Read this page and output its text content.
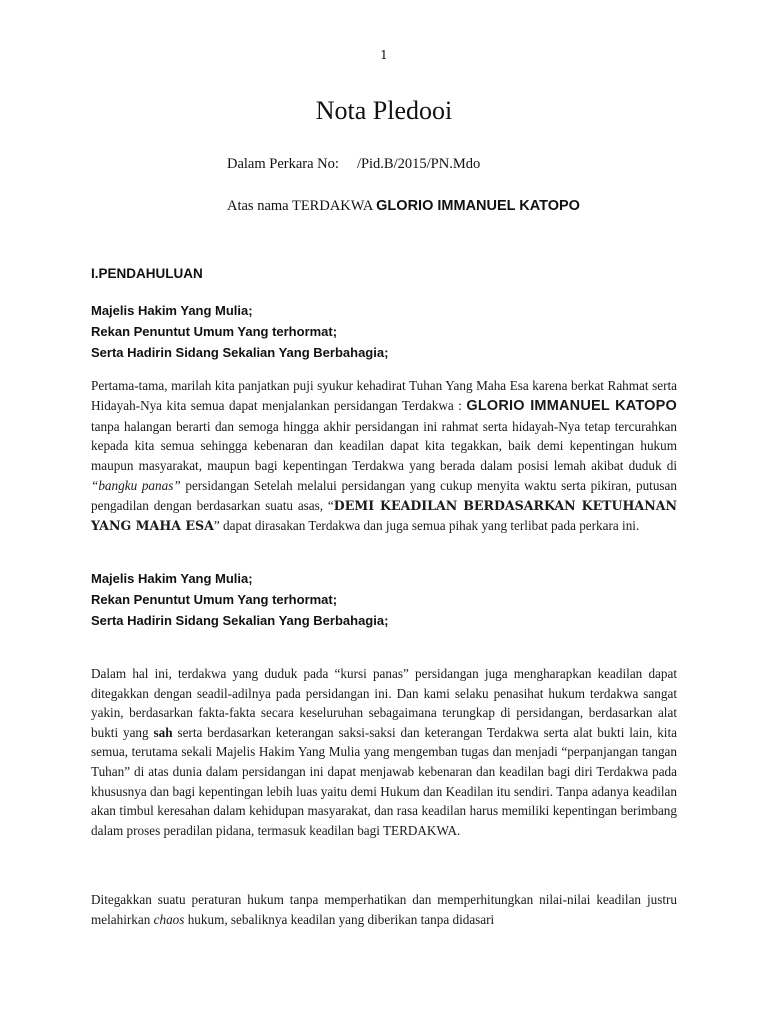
1
Nota Pledooi
Dalam Perkara No: /Pid.B/2015/PN.Mdo
Atas nama TERDAKWA GLORIO IMMANUEL KATOPO
I.PENDAHULUAN
Majelis Hakim Yang Mulia;
Rekan Penuntut Umum Yang terhormat;
Serta Hadirin Sidang Sekalian Yang Berbahagia;
Pertama-tama, marilah kita panjatkan puji syukur kehadirat Tuhan Yang Maha Esa karena berkat Rahmat serta Hidayah-Nya kita semua dapat menjalankan persidangan Terdakwa : GLORIO IMMANUEL KATOPO tanpa halangan berarti dan semoga hingga akhir persidangan ini rahmat serta hidayah-Nya tetap tercurahkan kepada kita semua sehingga kebenaran dan keadilan dapat kita tegakkan, baik demi kepentingan hukum maupun masyarakat, maupun bagi kepentingan Terdakwa yang berada dalam posisi lemah akibat duduk di “bangku panas” persidangan Setelah melalui persidangan yang cukup menyita waktu serta pikiran, putusan pengadilan dengan berdasarkan suatu asas, “DEMI KEADILAN BERDASARKAN KETUHANAN YANG MAHA ESA” dapat dirasakan Terdakwa dan juga semua pihak yang terlibat pada perkara ini.
Majelis Hakim Yang Mulia;
Rekan Penuntut Umum Yang terhormat;
Serta Hadirin Sidang Sekalian Yang Berbahagia;
Dalam hal ini, terdakwa yang duduk pada “kursi panas” persidangan juga mengharapkan keadilan dapat ditegakkan dengan seadil-adilnya pada persidangan ini. Dan kami selaku penasihat hukum terdakwa sangat yakin, berdasarkan fakta-fakta secara keseluruhan sebagaimana terungkap di persidangan, berdasarkan alat bukti yang sah serta berdasarkan keterangan saksi-saksi dan keterangan Terdakwa serta alat bukti lain, kita semua, terutama sekali Majelis Hakim Yang Mulia yang mengemban tugas dan menjadi “perpanjangan tangan Tuhan” di atas dunia dalam persidangan ini dapat menjawab kebenaran dan keadilan bagi diri Terdakwa pada khususnya dan bagi kepentingan lebih luas yaitu demi Hukum dan Keadilan itu sendiri. Tanpa adanya keadilan akan timbul keresahan dalam kehidupan masyarakat, dan rasa keadilan harus memiliki kepentingan berimbang dalam proses peradilan pidana, termasuk keadilan bagi TERDAKWA.
Ditegakkan suatu peraturan hukum tanpa memperhatikan dan memperhitungkan nilai-nilai keadilan justru melahirkan chaos hukum, sebaliknya keadilan yang diberikan tanpa didasari
